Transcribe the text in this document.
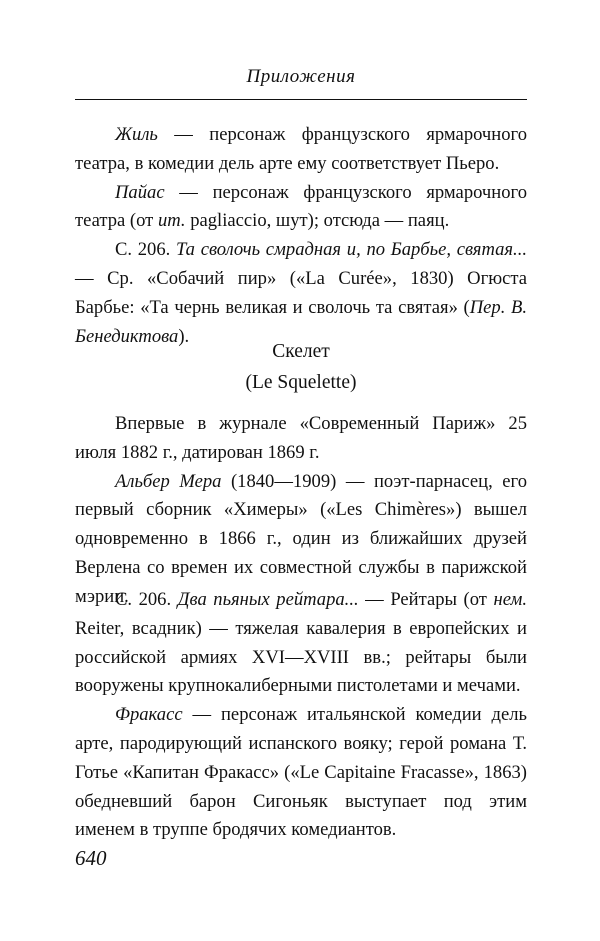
Приложения

Жиль — персонаж французского ярмарочного театра, в комедии дель арте ему соответствует Пьеро.

Пайас — персонаж французского ярмарочного театра (от ит. pagliaccio, шут); отсюда — паяц.

С. 206. Та сволочь смрадная и, по Барбье, святая... — Ср. «Собачий пир» («La Curée», 1830) Огюста Барбье: «Та чернь великая и сволочь та святая» (Пер. В. Бенедиктова).

Скелет
(Le Squelette)

Впервые в журнале «Современный Париж» 25 июля 1882 г., датирован 1869 г.

Альбер Мера (1840—1909) — поэт-парнасец, его первый сборник «Химеры» («Les Chimères») вышел одновременно в 1866 г., один из ближайших друзей Верлена со времен их совместной службы в парижской мэрии.

С. 206. Два пьяных рейтара... — Рейтары (от нем. Reiter, всадник) — тяжелая кавалерия в европейских и российской армиях XVI—XVIII вв.; рейтары были вооружены крупнокалиберными пистолетами и мечами.

Фракасс — персонаж итальянской комедии дель арте, пародирующий испанского вояку; герой романа Т. Готье «Капитан Фракасс» («Le Capitaine Fracasse», 1863) обедневший барон Сигоньяк выступает под этим именем в труппе бродячих комедиантов.

640
